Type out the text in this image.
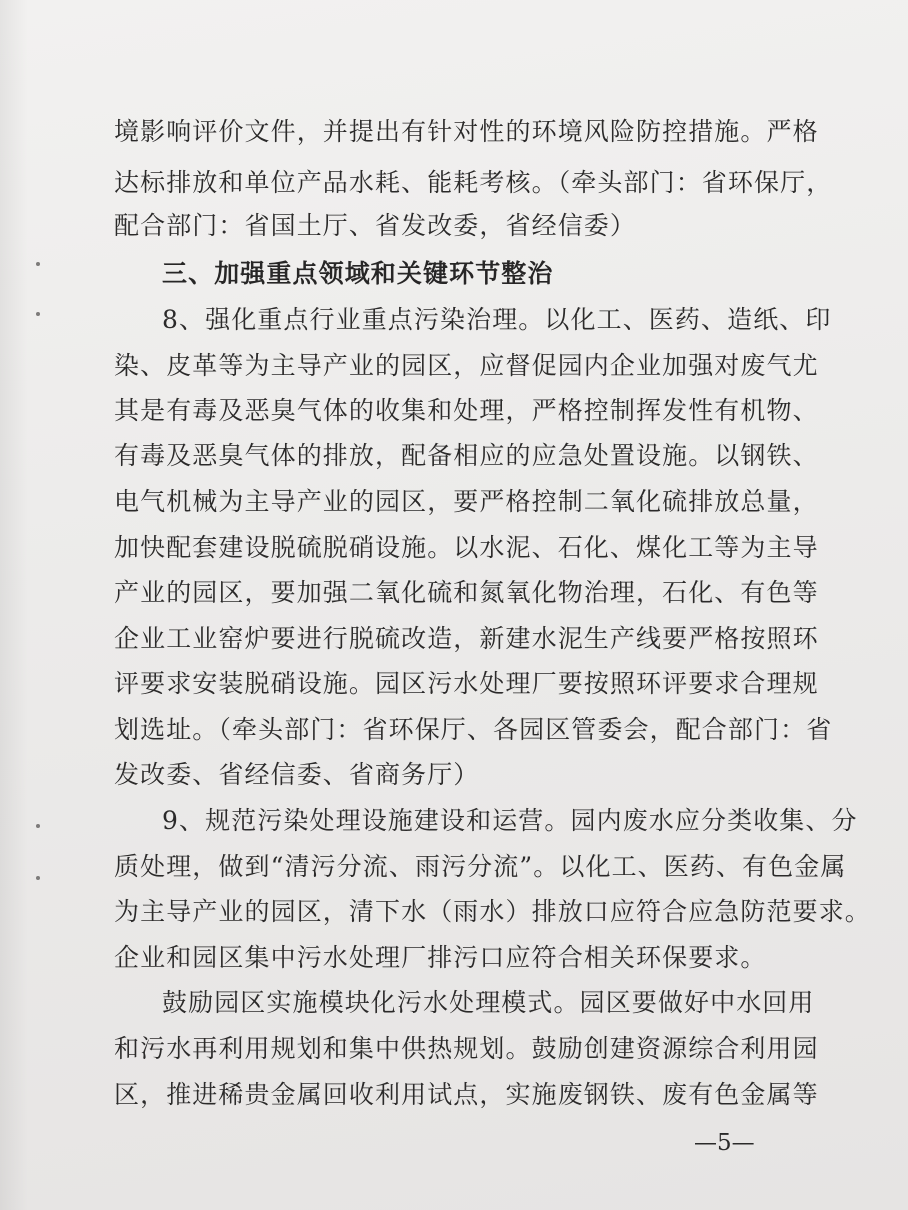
境影响评价文件，并提出有针对性的环境风险防控措施。严格
达标排放和单位产品水耗、能耗考核。（牵头部门：省环保厅，
配合部门：省国土厅、省发改委，省经信委）
三、加强重点领域和关键环节整治
8、强化重点行业重点污染治理。以化工、医药、造纸、印
染、皮革等为主导产业的园区，应督促园内企业加强对废气尤
其是有毒及恶臭气体的收集和处理，严格控制挥发性有机物、
有毒及恶臭气体的排放，配备相应的应急处置设施。以钢铁、
电气机械为主导产业的园区，要严格控制二氧化硫排放总量，
加快配套建设脱硫脱硝设施。以水泥、石化、煤化工等为主导
产业的园区，要加强二氧化硫和氮氧化物治理，石化、有色等
企业工业窑炉要进行脱硫改造，新建水泥生产线要严格按照环
评要求安装脱硝设施。园区污水处理厂要按照环评要求合理规
划选址。（牵头部门：省环保厅、各园区管委会，配合部门：省
发改委、省经信委、省商务厅）
9、规范污染处理设施建设和运营。园内废水应分类收集、分
质处理，做到“清污分流、雨污分流”。以化工、医药、有色金属
为主导产业的园区，清下水（雨水）排放口应符合应急防范要求。
企业和园区集中污水处理厂排污口应符合相关环保要求。
鼓励园区实施模块化污水处理模式。园区要做好中水回用
和污水再利用规划和集中供热规划。鼓励创建资源综合利用园
区，推进稀贵金属回收利用试点，实施废钢铁、废有色金属等
—5—
